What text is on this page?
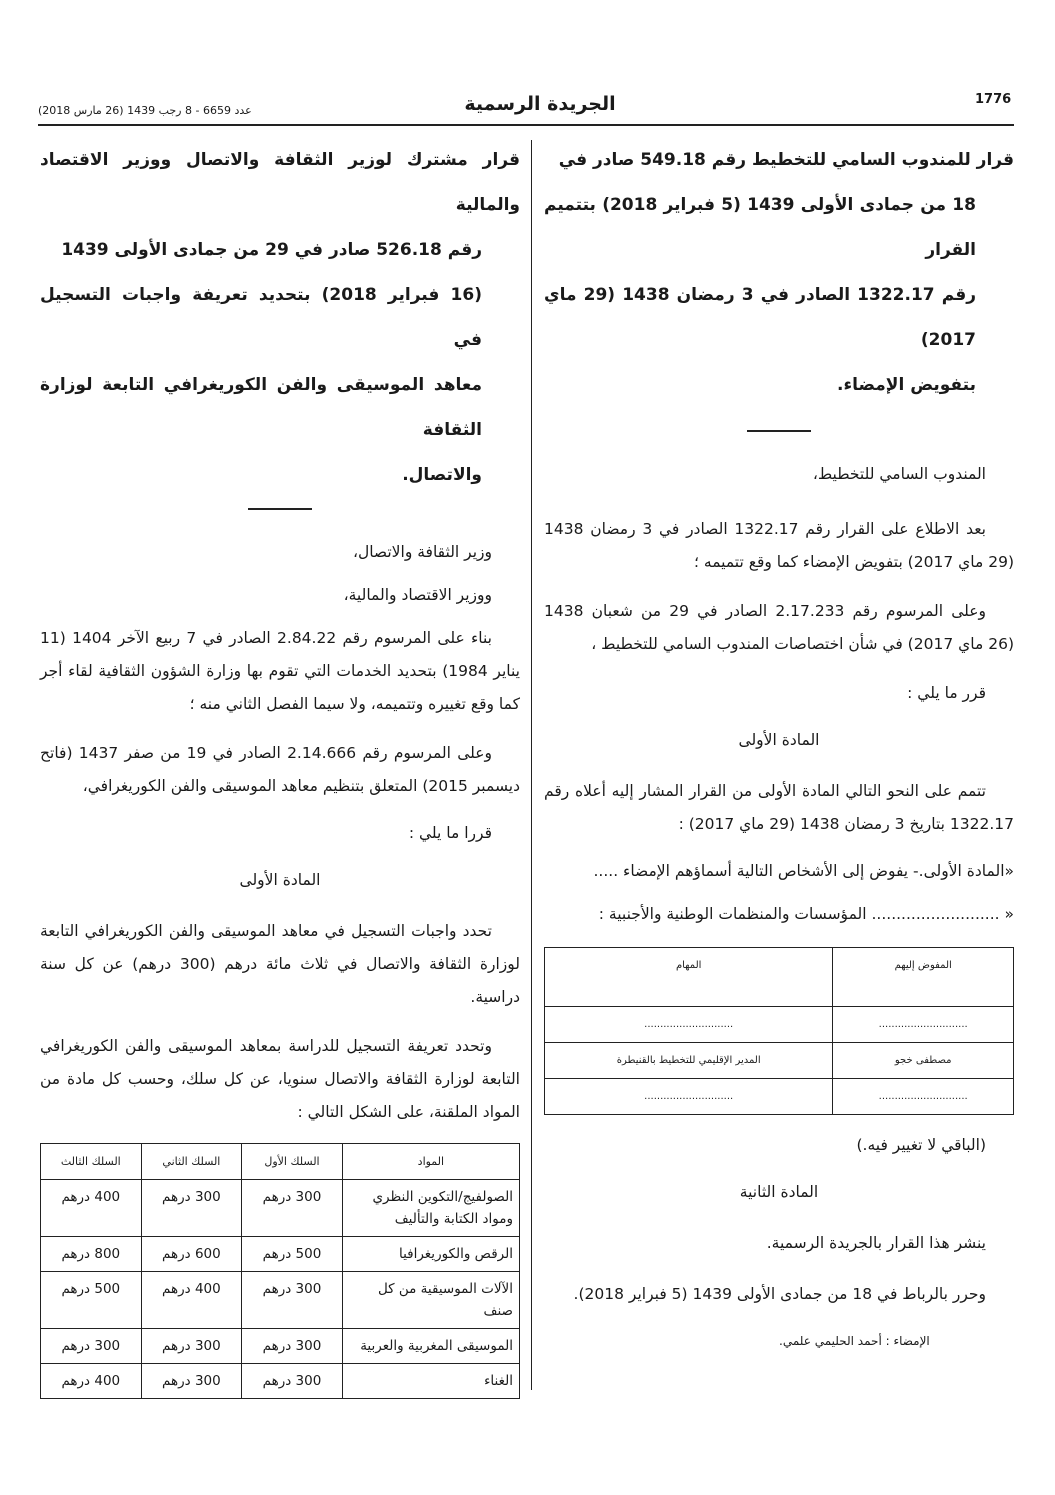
1776
الجريدة الرسمية
عدد 6659 - 8 رجب 1439 (26 مارس 2018)
قرار للمندوب السامي للتخطيط رقم 549.18 صادر في
18 من جمادى الأولى 1439 (5 فبراير 2018) بتتميم القرار
رقم 1322.17 الصادر في 3 رمضان 1438 (29 ماي 2017)
بتفويض الإمضاء.
المندوب السامي للتخطيط،
بعد الاطلاع على القرار رقم 1322.17 الصادر في 3 رمضان 1438 (29 ماي 2017) بتفويض الإمضاء كما وقع تتميمه ؛
وعلى المرسوم رقم 2.17.233 الصادر في 29 من شعبان 1438 (26 ماي 2017) في شأن اختصاصات المندوب السامي للتخطيط ،
قرر ما يلي :
المادة الأولى
تتمم على النحو التالي المادة الأولى من القرار المشار إليه أعلاه رقم 1322.17 بتاريخ 3 رمضان 1438 (29 ماي 2017) :
«المادة الأولى.- يفوض إلى الأشخاص التالية أسماؤهم الإمضاء .....
« .......................... المؤسسات والمنظمات الوطنية والأجنبية :
المفوض إليهم	المهام
............................	............................
مصطفى خجو	المدير الإقليمي للتخطيط بالقنيطرة
............................	............................
(الباقي لا تغيير فيه.)
المادة الثانية
ينشر هذا القرار بالجريدة الرسمية.
وحرر بالرباط في 18 من جمادى الأولى 1439 (5 فبراير 2018).
الإمضاء : أحمد الحليمي علمي.
قرار مشترك لوزير الثقافة والاتصال ووزير الاقتصاد والمالية
رقم 526.18 صادر في 29 من جمادى الأولى 1439
(16 فبراير 2018) بتحديد تعريفة واجبات التسجيل في
معاهد الموسيقى والفن الكوريغرافي التابعة لوزارة الثقافة
والاتصال.
وزير الثقافة والاتصال،
ووزير الاقتصاد والمالية،
بناء على المرسوم رقم 2.84.22 الصادر في 7 ربيع الآخر 1404 (11 يناير 1984) بتحديد الخدمات التي تقوم بها وزارة الشؤون الثقافية لقاء أجر كما وقع تغييره وتتميمه، ولا سيما الفصل الثاني منه ؛
وعلى المرسوم رقم 2.14.666 الصادر في 19 من صفر 1437 (فاتح ديسمبر 2015) المتعلق بتنظيم معاهد الموسيقى والفن الكوريغرافي،
قررا ما يلي :
المادة الأولى
تحدد واجبات التسجيل في معاهد الموسيقى والفن الكوريغرافي التابعة لوزارة الثقافة والاتصال في ثلاث مائة درهم (300 درهم) عن كل سنة دراسية.
وتحدد تعريفة التسجيل للدراسة بمعاهد الموسيقى والفن الكوريغرافي التابعة لوزارة الثقافة والاتصال سنويا، عن كل سلك، وحسب كل مادة من المواد الملقنة، على الشكل التالي :
المواد	السلك الأول	السلك الثاني	السلك الثالث
الصولفيج/التكوين النظري ومواد الكتابة والتأليف	300 درهم	300 درهم	400 درهم
الرقص والكوريغرافيا	500 درهم	600 درهم	800 درهم
الآلات الموسيقية من كل صنف	300 درهم	400 درهم	500 درهم
الموسيقى المغربية والعربية	300 درهم	300 درهم	300 درهم
الغناء	300 درهم	300 درهم	400 درهم
